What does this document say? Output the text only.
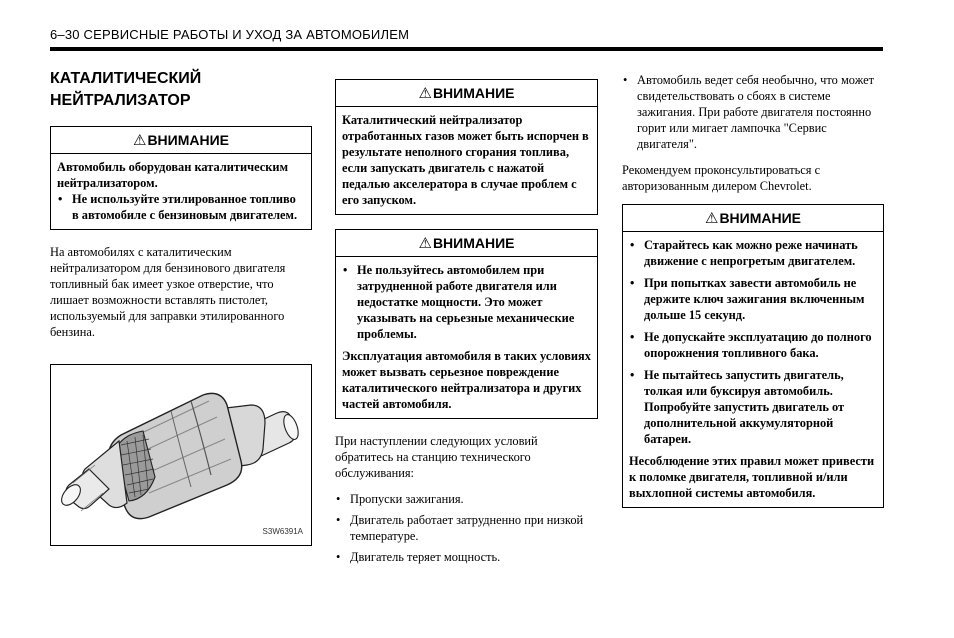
6–30 СЕРВИСНЫЕ РАБОТЫ И УХОД ЗА АВТОМОБИЛЕМ
КАТАЛИТИЧЕСКИЙ
НЕЙТРАЛИЗАТОР
⚠ВНИМАНИЕ

Автомобиль оборудован каталитическим нейтрализатором.

• Не используйте этилированное топливо в автомобиле с бензиновым двигателем.

На автомобилях с каталитическим нейтрализатором для бензинового двигателя топливный бак имеет узкое отверстие, что лишает возможности вставлять пистолет, используемый для заправки этилированного бензина.

S3W6391A
⚠ВНИМАНИЕ

Каталитический нейтрализатор отработанных газов может быть испорчен в результате неполного сгорания топлива, если запускать двигатель с нажатой педалью акселератора в случае проблем с его запуском.

⚠ВНИМАНИЕ
• Не пользуйтесь автомобилем при затрудненной работе двигателя или недостатке мощности. Это может указывать на серьезные механические проблемы.

Эксплуатация автомобиля в таких условиях может вызвать серьезное повреждение каталитического нейтрализатора и других частей автомобиля.

При наступлении следующих условий обратитесь на станцию технического обслуживания:

• Пропуски зажигания.
• Двигатель работает затрудненно при низкой температуре.
• Двигатель теряет мощность.
• Автомобиль ведет себя необычно, что может свидетельствовать о сбоях в системе зажигания. При работе двигателя постоянно горит или мигает лампочка "Сервис двигателя".

Рекомендуем проконсультироваться с авторизованным дилером Chevrolet.

⚠ВНИМАНИЕ
• Старайтесь как можно реже начинать движение с непрогретым двигателем.
• При попытках завести автомобиль не держите ключ зажигания включенным дольше 15 секунд.
• Не допускайте эксплуатацию до полного опорожнения топливного бака.
• Не пытайтесь запустить двигатель, толкая или буксируя автомобиль. Попробуйте запустить двигатель от дополнительной аккумуляторной батареи.

Несоблюдение этих правил может привести к поломке двигателя, топливной и/или выхлопной системы автомобиля.
